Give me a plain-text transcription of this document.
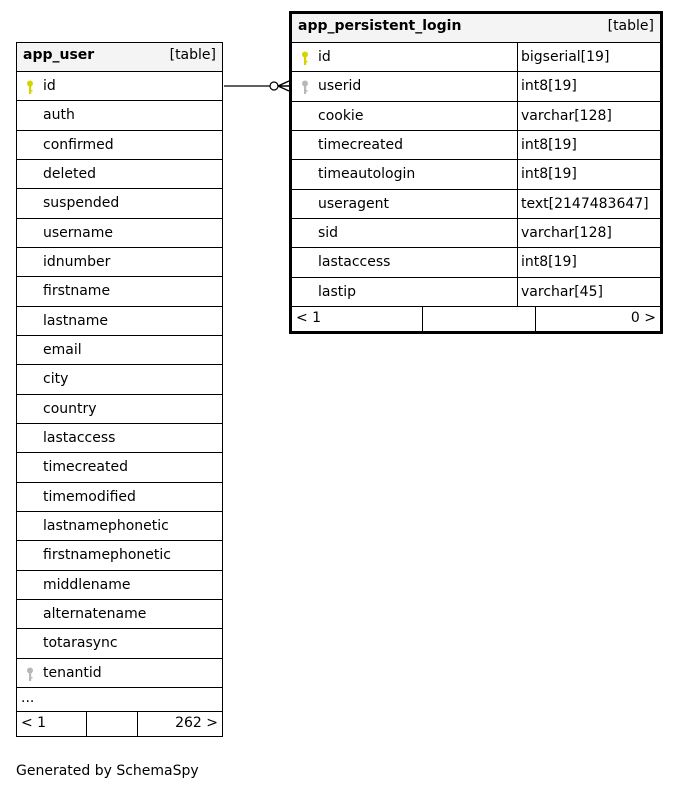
app_user	[table]
id
auth
confirmed
deleted
suspended
username
idnumber
firstname
lastname
email
city
country
lastaccess
timecreated
timemodified
lastnamephonetic
firstnamephonetic
middlename
alternatename
totarasync
tenantid
...
< 1	262 >
app_persistent_login	[table]
id	bigserial[19]
userid	int8[19]
cookie	varchar[128]
timecreated	int8[19]
timeautologin	int8[19]
useragent	text[2147483647]
sid	varchar[128]
lastaccess	int8[19]
lastip	varchar[45]
< 1	0 >
Generated by SchemaSpy
